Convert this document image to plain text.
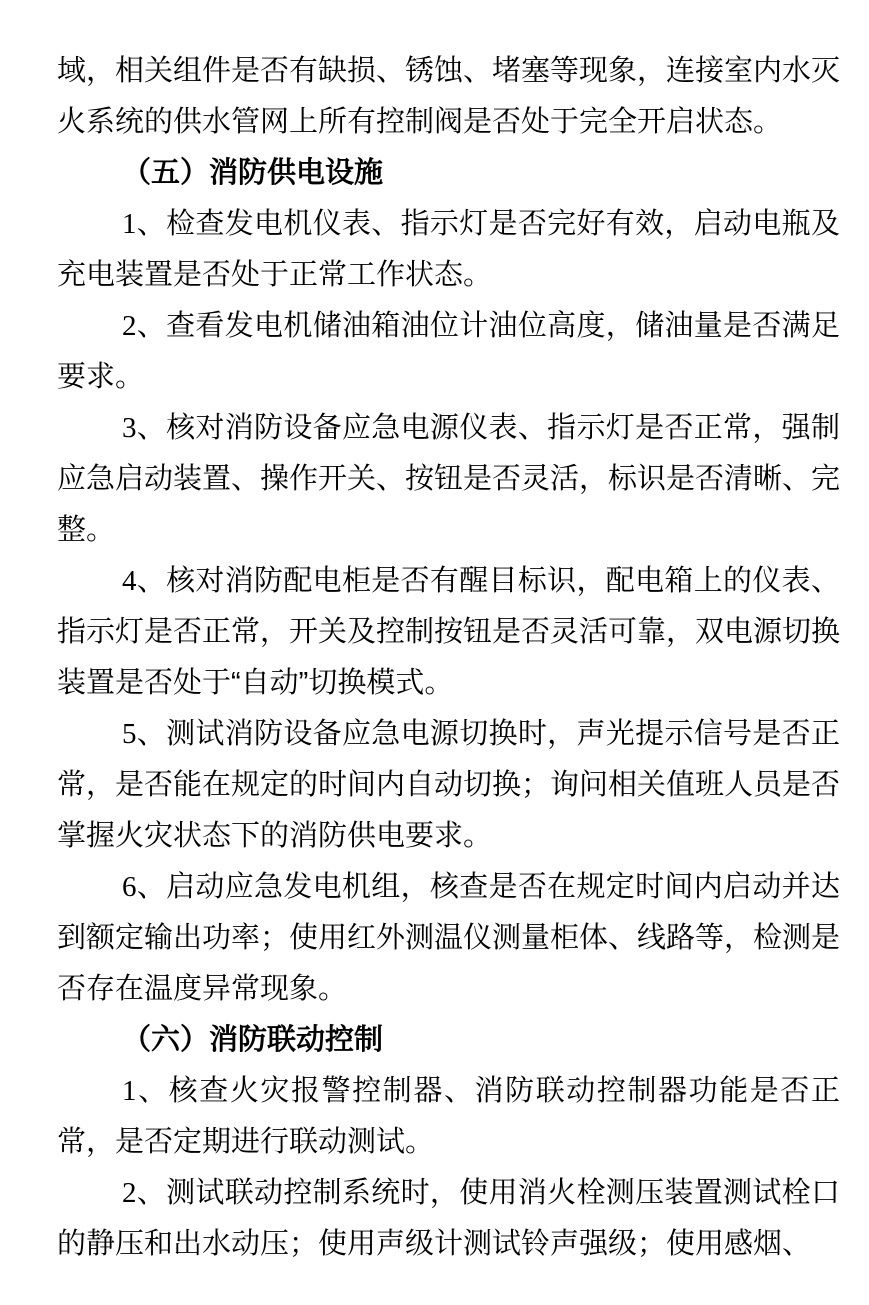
域，相关组件是否有缺损、锈蚀、堵塞等现象，连接室内水灭火系统的供水管网上所有控制阀是否处于完全开启状态。

（五）消防供电设施

1、检查发电机仪表、指示灯是否完好有效，启动电瓶及充电装置是否处于正常工作状态。

2、查看发电机储油箱油位计油位高度，储油量是否满足要求。

3、核对消防设备应急电源仪表、指示灯是否正常，强制应急启动装置、操作开关、按钮是否灵活，标识是否清晰、完整。

4、核对消防配电柜是否有醒目标识，配电箱上的仪表、指示灯是否正常，开关及控制按钮是否灵活可靠，双电源切换装置是否处于“自动”切换模式。

5、测试消防设备应急电源切换时，声光提示信号是否正常，是否能在规定的时间内自动切换；询问相关值班人员是否掌握火灾状态下的消防供电要求。

6、启动应急发电机组，核查是否在规定时间内启动并达到额定输出功率；使用红外测温仪测量柜体、线路等，检测是否存在温度异常现象。

（六）消防联动控制

1、核查火灾报警控制器、消防联动控制器功能是否正常，是否定期进行联动测试。

2、测试联动控制系统时，使用消火栓测压装置测试栓口的静压和出水动压；使用声级计测试铃声强级；使用感烟、
